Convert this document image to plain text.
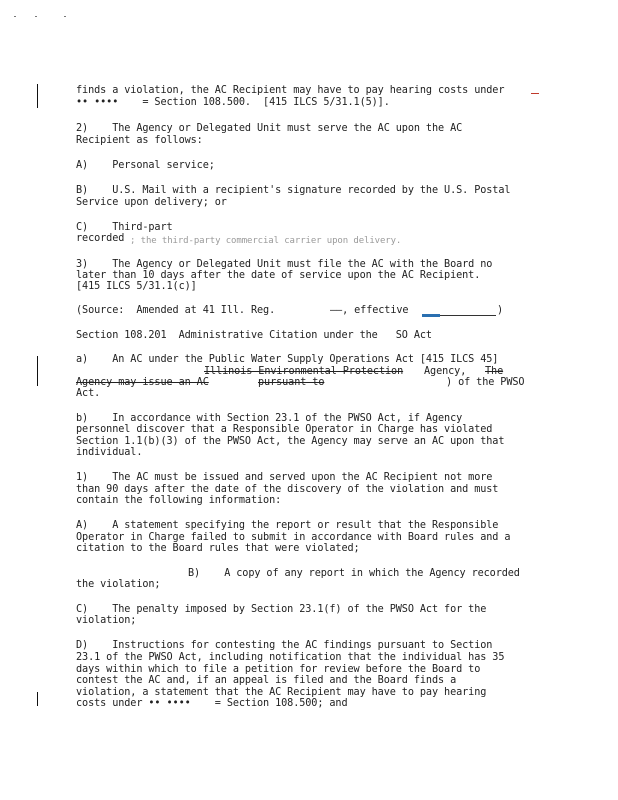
finds a violation, the AC Recipient may have to pay hearing costs under
•• ••••    = Section 108.500.  [415 ILCS 5/31.1(5)].
2)    The Agency or Delegated Unit must serve the AC upon the AC
Recipient as follows:
A)    Personal service;
B)    U.S. Mail with a recipient's signature recorded by the U.S. Postal
Service upon delivery; or
C)    Third-part
recorded ; the third-party commercial carrier upon delivery.
3)    The Agency or Delegated Unit must file the AC with the Board no
later than 10 days after the date of service upon the AC Recipient.
[415 ILCS 5/31.1(c)]
(Source:  Amended at 41 Ill. Reg.	——, effective	)
Section 108.201  Administrative Citation under the   SO Act
a)    An AC under the Public Water Supply Operations Act [415 ILCS 45]
Illinois Environmental Protection Agency, The
Agency may issue an AC	pursuant to	) of the PWSO
Act.
b)    In accordance with Section 23.1 of the PWSO Act, if Agency
personnel discover that a Responsible Operator in Charge has violated
Section 1.1(b)(3) of the PWSO Act, the Agency may serve an AC upon that
individual.
1)    The AC must be issued and served upon the AC Recipient not more
than 90 days after the date of the discovery of the violation and must
contain the following information:
A)    A statement specifying the report or result that the Responsible
Operator in Charge failed to submit in accordance with Board rules and a
citation to the Board rules that were violated;
B)    A copy of any report in which the Agency recorded
the violation;
C)    The penalty imposed by Section 23.1(f) of the PWSO Act for the
violation;
D)    Instructions for contesting the AC findings pursuant to Section
23.1 of the PWSO Act, including notification that the individual has 35
days within which to file a petition for review before the Board to
contest the AC and, if an appeal is filed and the Board finds a
violation, a statement that the AC Recipient may have to pay hearing
costs under •• ••••    = Section 108.500; and
